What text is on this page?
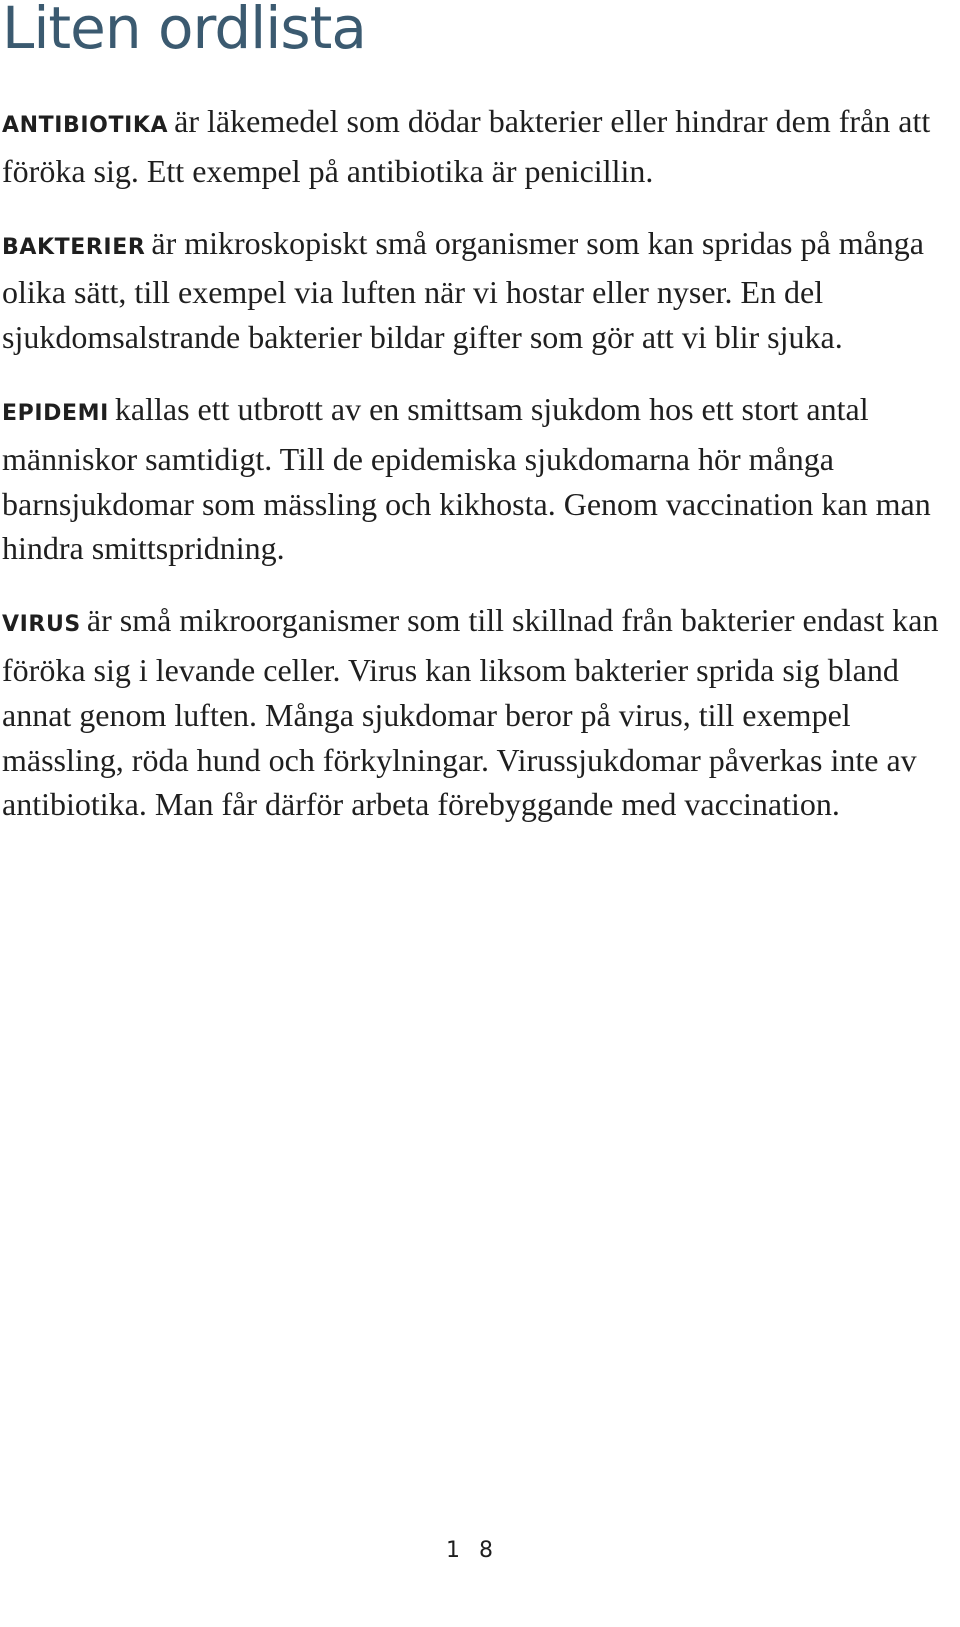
Liten ordlista

ANTIBIOTIKA är läkemedel som dödar bakterier eller hindrar dem från att föröka sig. Ett exempel på antibiotika är penicillin.

BAKTERIER är mikroskopiskt små organismer som kan spridas på många olika sätt, till exempel via luften när vi hostar eller nyser. En del sjukdomsalstrande bakterier bildar gifter som gör att vi blir sjuka.

EPIDEMI kallas ett utbrott av en smittsam sjukdom hos ett stort antal människor samtidigt. Till de epidemiska sjukdomarna hör många barnsjukdomar som mässling och kikhosta. Genom vaccination kan man hindra smittspridning.

VIRUS är små mikroorganismer som till skillnad från bakterier endast kan föröka sig i levande celler. Virus kan liksom bakterier sprida sig bland annat genom luften. Många sjukdomar beror på virus, till exempel mässling, röda hund och förkylningar. Virussjukdomar påverkas inte av antibiotika. Man får därför arbeta förebyggande med vaccination.

1 8
